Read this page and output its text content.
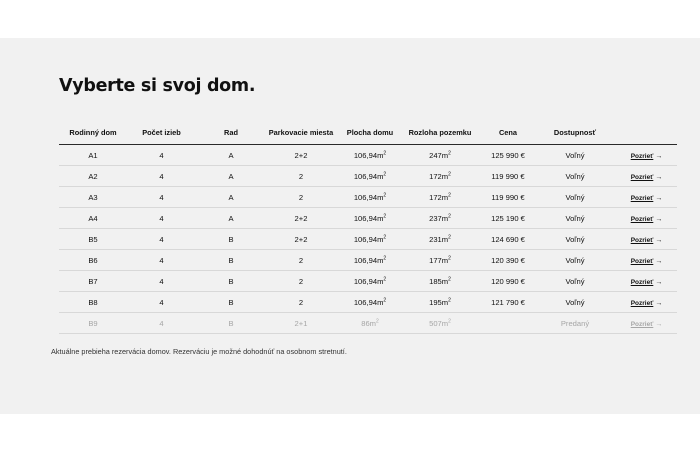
Vyberte si svoj dom.
Rodinný dom	Počet izieb	Rad	Parkovacie miesta	Plocha domu	Rozloha pozemku	Cena	Dostupnosť	
A1	4	A	2+2	$106,94m^2$	$247m^2$	125 990 €	Voľný	Pozrieť →
A2	4	A	2	$106,94m^2$	$172m^2$	119 990 €	Voľný	Pozrieť →
A3	4	A	2	$106,94m^2$	$172m^2$	119 990 €	Voľný	Pozrieť →
A4	4	A	2+2	$106,94m^2$	$237m^2$	125 190 €	Voľný	Pozrieť →
B5	4	B	2+2	$106,94m^2$	$231m^2$	124 690 €	Voľný	Pozrieť →
B6	4	B	2	$106,94m^2$	$177m^2$	120 390 €	Voľný	Pozrieť →
B7	4	B	2	$106,94m^2$	$185m^2$	120 990 €	Voľný	Pozrieť →
B8	4	B	2	$106,94m^2$	$195m^2$	121 790 €	Voľný	Pozrieť →
B9	4	B	2+1	$86m^2$	$507m^2$		Predaný	Pozrieť →

Aktuálne prebieha rezervácia domov. Rezerváciu je možné dohodnúť na osobnom stretnutí.
